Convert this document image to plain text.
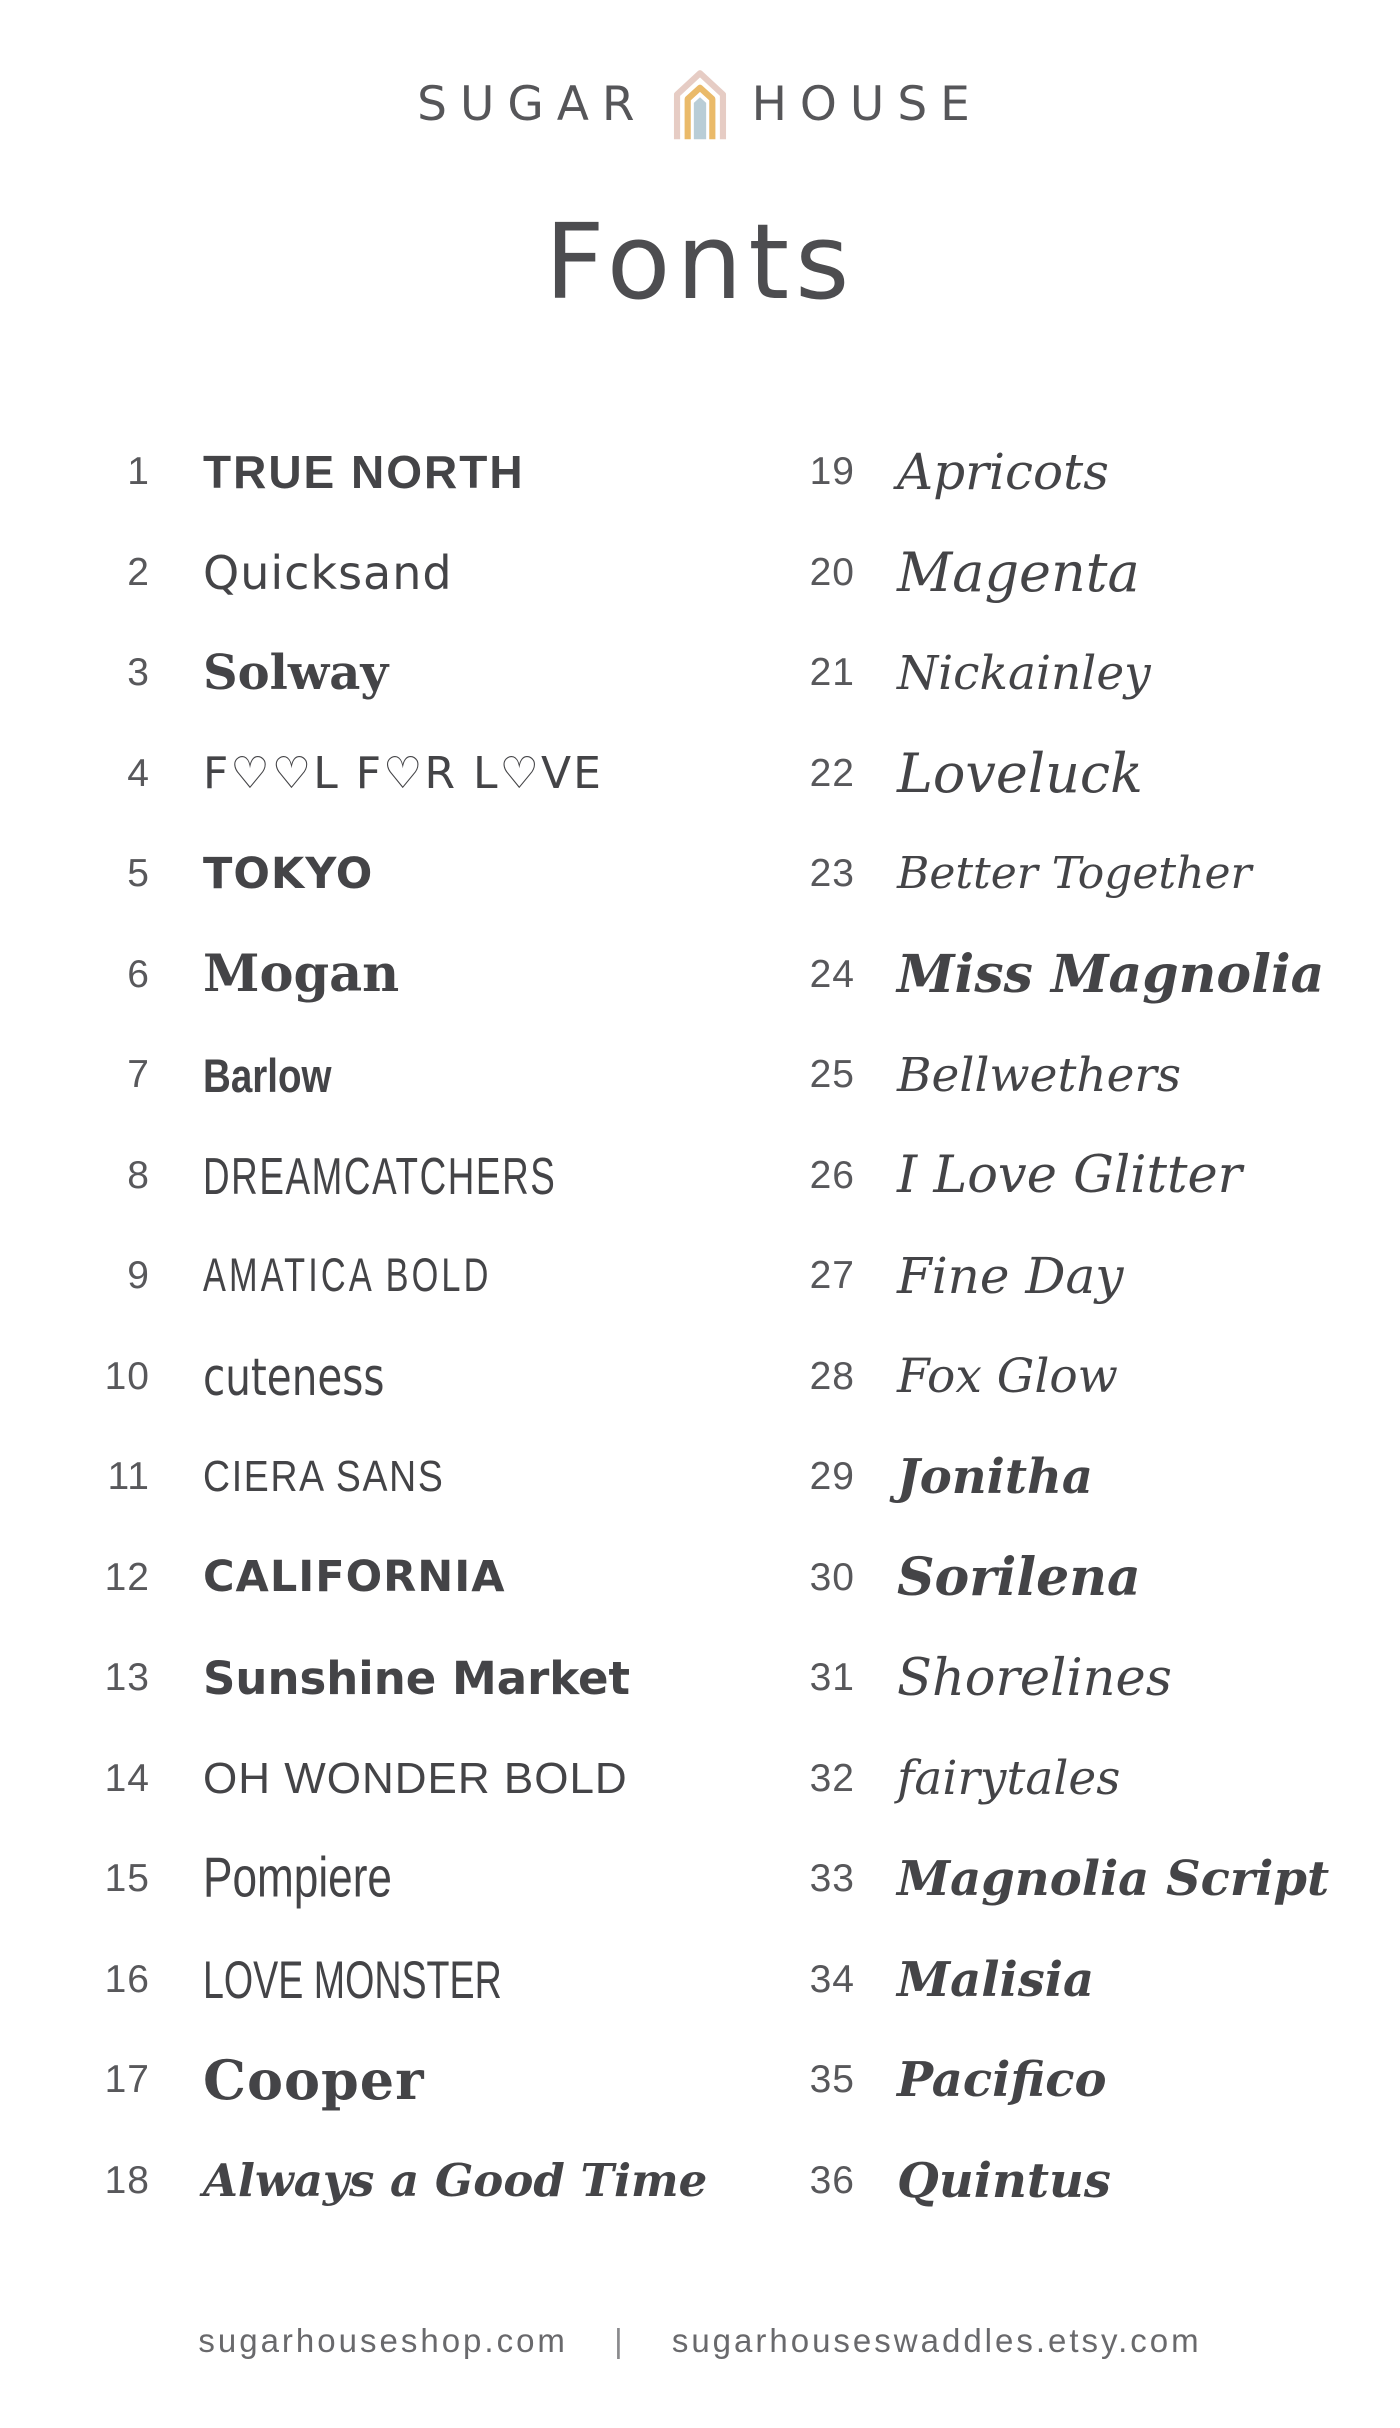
SUGAR HOUSE
Fonts
1 TRUE NORTH
2 Quicksand
3 Solway
4 F♡♡L F♡R L♡VE
5 TOKYO
6 Mogan
7 Barlow
8 DREAMCATCHERS
9 AMATICA BOLD
10 cuteness
11 CIERA SANS
12 CALIFORNIA
13 Sunshine Market
14 OH WONDER BOLD
15 Pompiere
16 LOVE MONSTER
17 Cooper
18 Always a Good Time
19 Apricots
20 Magenta
21 Nickainley
22 Loveluck
23 Better Together
24 Miss Magnolia
25 Bellwethers
26 I Love Glitter
27 Fine Day
28 Fox Glow
29 Jonitha
30 Sorilena
31 Shorelines
32 fairytales
33 Magnolia Script
34 Malisia
35 Pacifico
36 Quintus
sugarhouseshop.com | sugarhouseswaddles.etsy.com
